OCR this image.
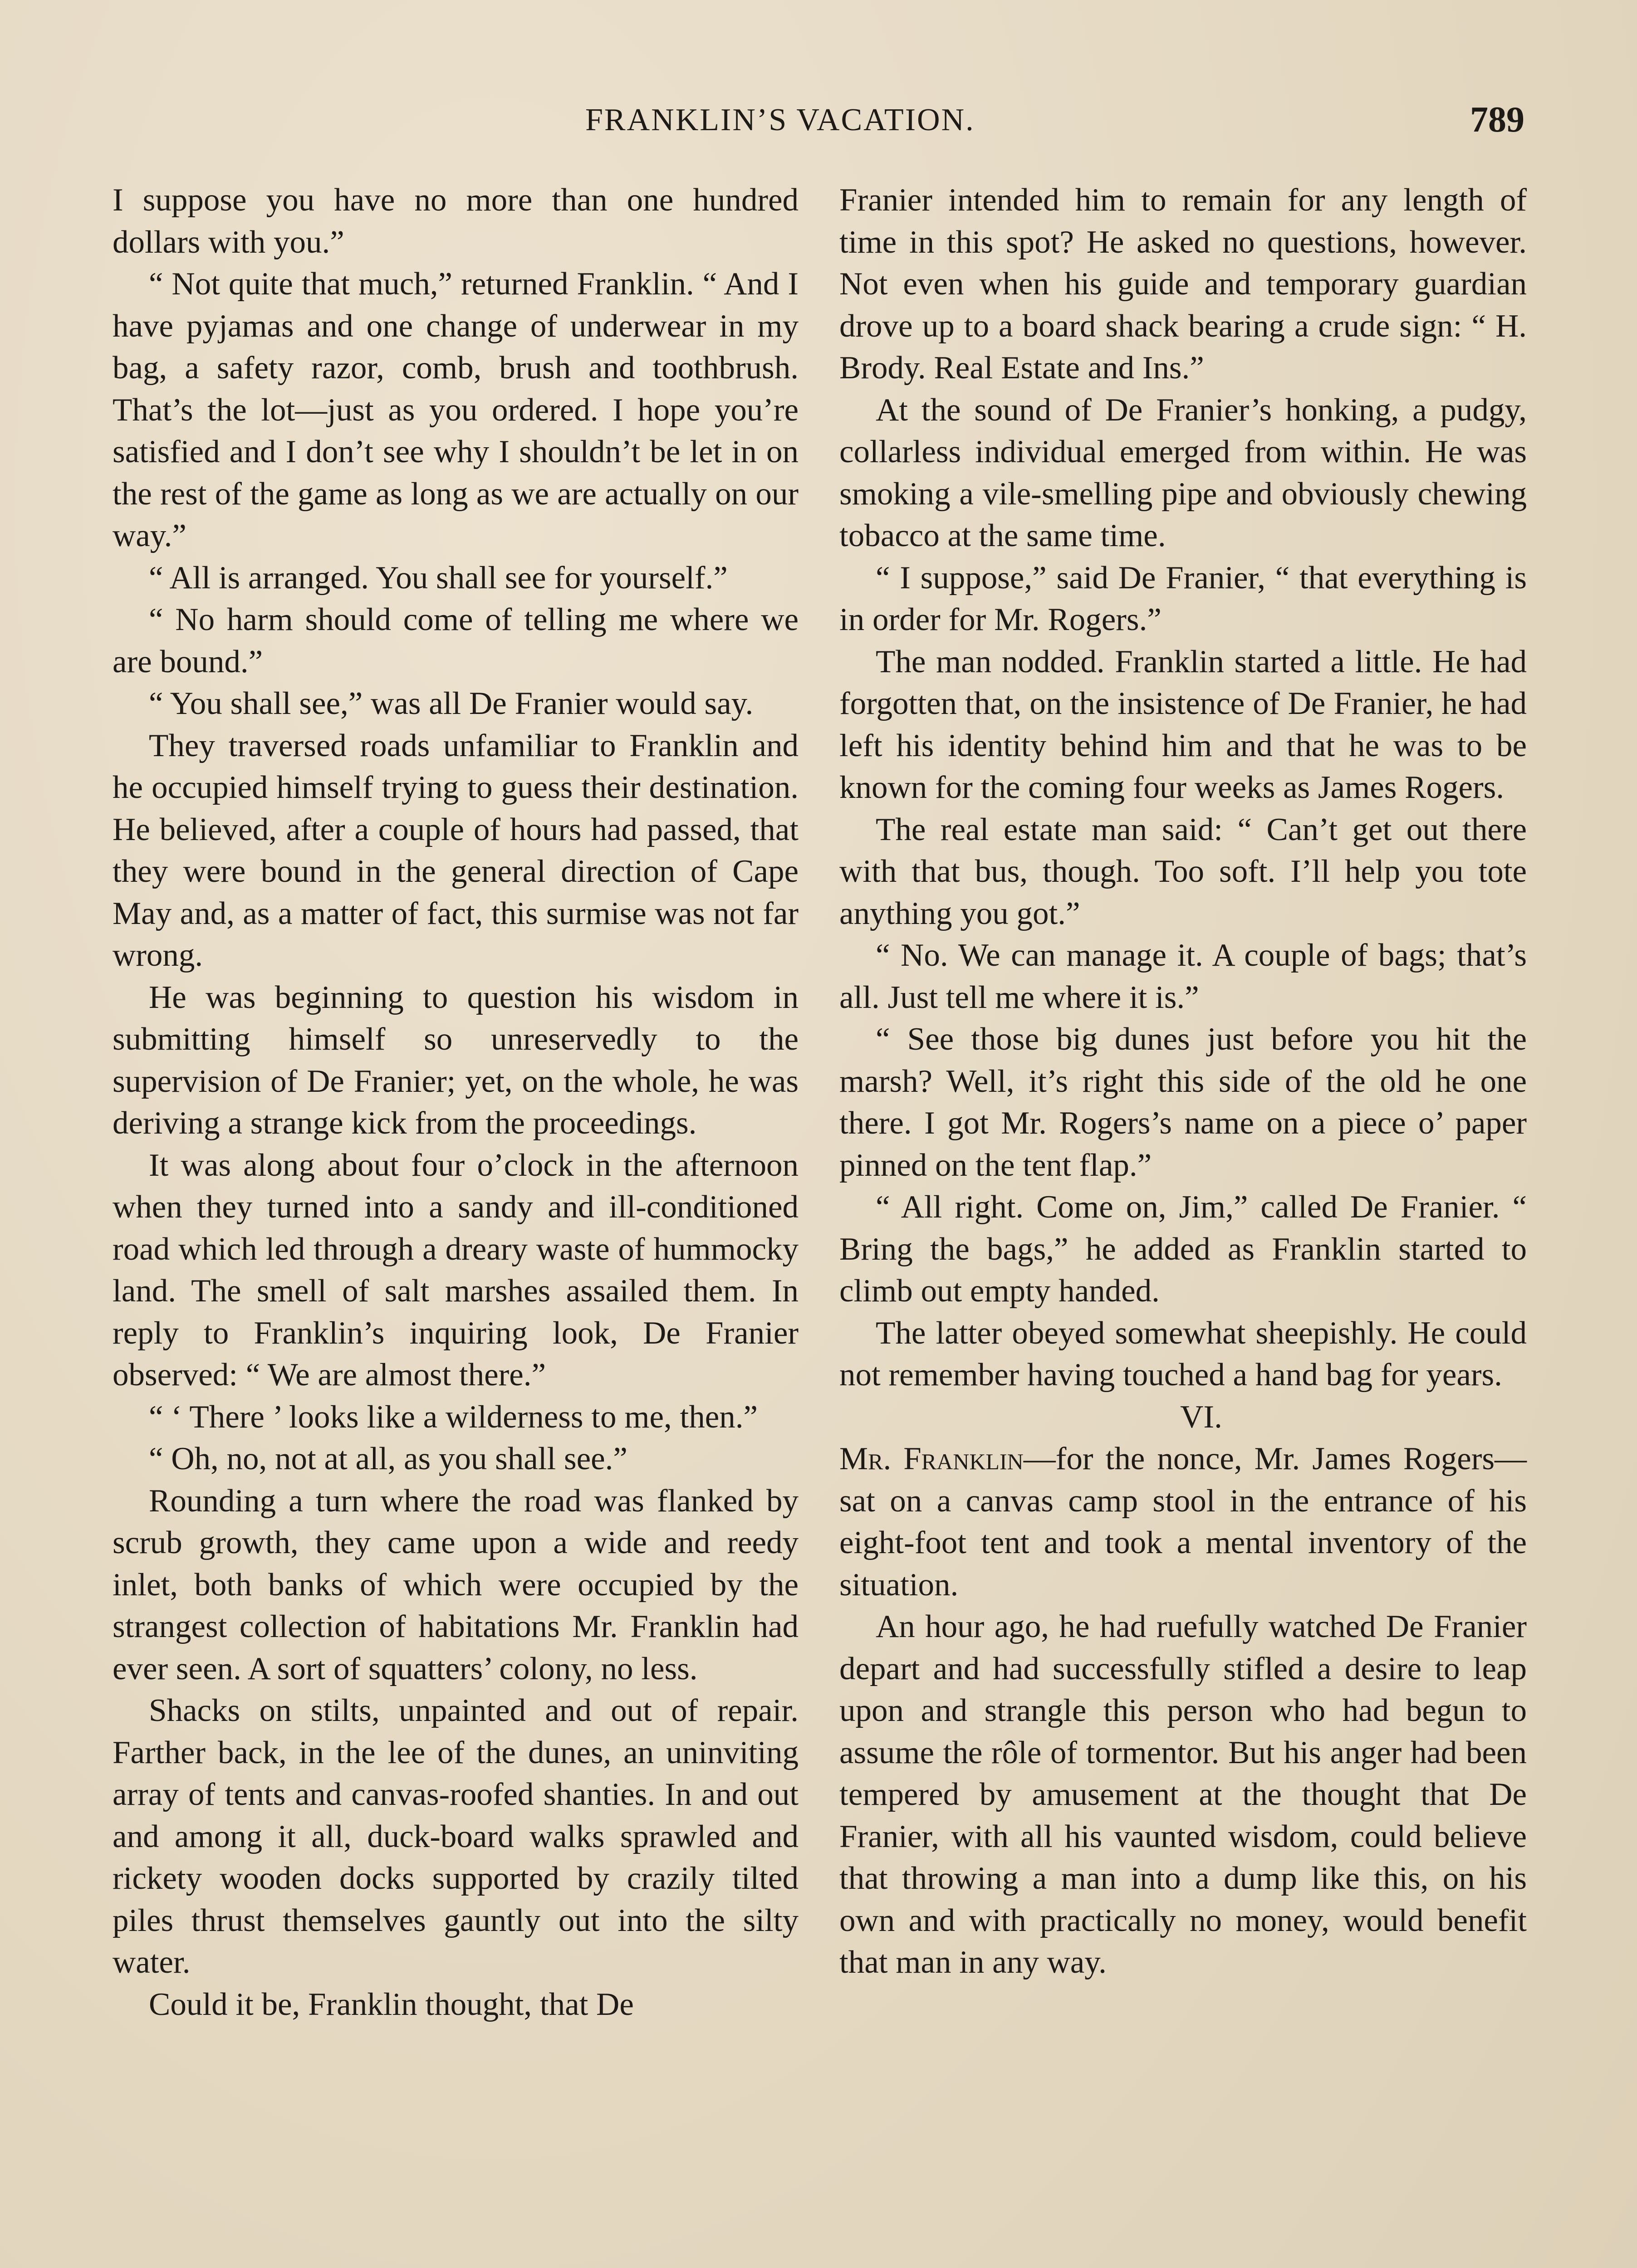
FRANKLIN’S VACATION.	789

I suppose you have no more than one hundred dollars with you.”

“ Not quite that much,” returned Franklin. “ And I have pyjamas and one change of underwear in my bag, a safety razor, comb, brush and toothbrush. That’s the lot—just as you ordered. I hope you’re satisfied and I don’t see why I shouldn’t be let in on the rest of the game as long as we are actually on our way.”

“ All is arranged. You shall see for yourself.”

“ No harm should come of telling me where we are bound.”

“ You shall see,” was all De Franier would say.

They traversed roads unfamiliar to Franklin and he occupied himself trying to guess their destination. He believed, after a couple of hours had passed, that they were bound in the general direction of Cape May and, as a matter of fact, this surmise was not far wrong.

He was beginning to question his wisdom in submitting himself so unreservedly to the supervision of De Franier; yet, on the whole, he was deriving a strange kick from the proceedings.

It was along about four o’clock in the afternoon when they turned into a sandy and ill-conditioned road which led through a dreary waste of hummocky land. The smell of salt marshes assailed them. In reply to Franklin’s inquiring look, De Franier observed: “ We are almost there.”

“ ‘ There ’ looks like a wilderness to me, then.”

“ Oh, no, not at all, as you shall see.”

Rounding a turn where the road was flanked by scrub growth, they came upon a wide and reedy inlet, both banks of which were occupied by the strangest collection of habitations Mr. Franklin had ever seen. A sort of squatters’ colony, no less.

Shacks on stilts, unpainted and out of repair. Farther back, in the lee of the dunes, an uninviting array of tents and canvas-roofed shanties. In and out and among it all, duck-board walks sprawled and rickety wooden docks supported by crazily tilted piles thrust themselves gauntly out into the silty water.

Could it be, Franklin thought, that De

Franier intended him to remain for any length of time in this spot? He asked no questions, however. Not even when his guide and temporary guardian drove up to a board shack bearing a crude sign: “ H. Brody. Real Estate and Ins.”

At the sound of De Franier’s honking, a pudgy, collarless individual emerged from within. He was smoking a vile-smelling pipe and obviously chewing tobacco at the same time.

“ I suppose,” said De Franier, “ that everything is in order for Mr. Rogers.”

The man nodded. Franklin started a little. He had forgotten that, on the insistence of De Franier, he had left his identity behind him and that he was to be known for the coming four weeks as James Rogers.

The real estate man said: “ Can’t get out there with that bus, though. Too soft. I’ll help you tote anything you got.”

“ No. We can manage it. A couple of bags; that’s all. Just tell me where it is.”

“ See those big dunes just before you hit the marsh? Well, it’s right this side of the old he one there. I got Mr. Rogers’s name on a piece o’ paper pinned on the tent flap.”

“ All right. Come on, Jim,” called De Franier. “ Bring the bags,” he added as Franklin started to climb out empty handed.

The latter obeyed somewhat sheepishly. He could not remember having touched a hand bag for years.

VI.

Mr. Franklin—for the nonce, Mr. James Rogers—sat on a canvas camp stool in the entrance of his eight-foot tent and took a mental inventory of the situation.

An hour ago, he had ruefully watched De Franier depart and had successfully stifled a desire to leap upon and strangle this person who had begun to assume the rôle of tormentor. But his anger had been tempered by amusement at the thought that De Franier, with all his vaunted wisdom, could believe that throwing a man into a dump like this, on his own and with practically no money, would benefit that man in any way.
